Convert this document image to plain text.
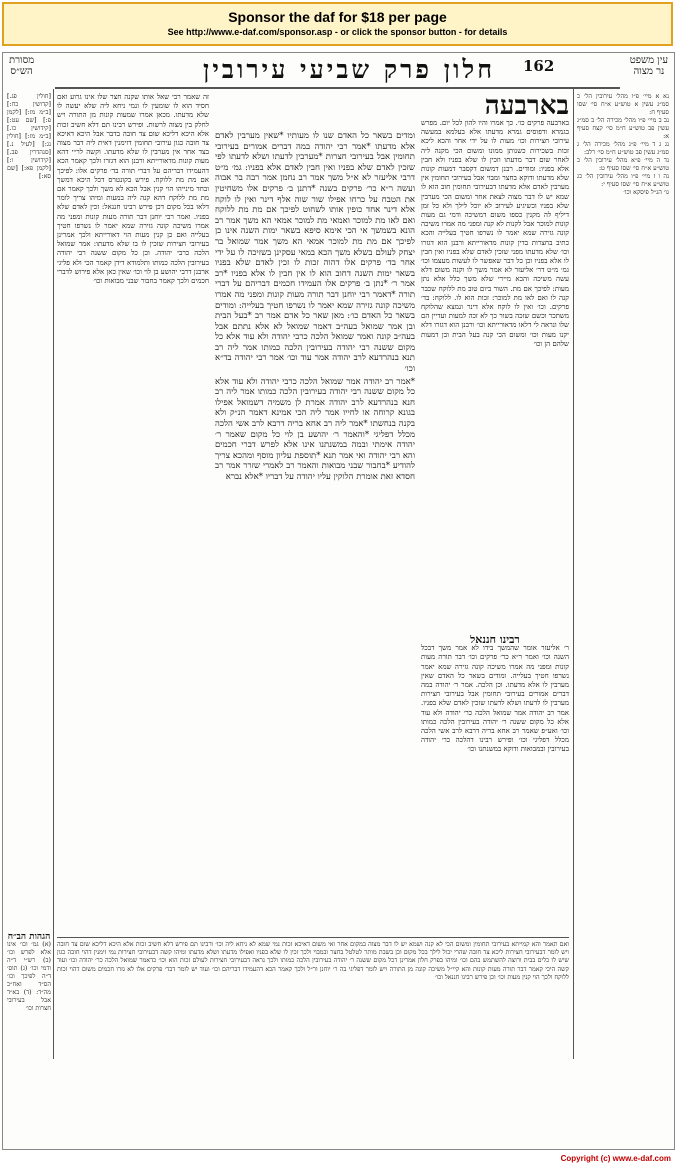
Sponsor the daf for $18 per page
See http://www.e-daf.com/sponsor.asp - or click the sponsor button - for details
מסורת
הש״ס	חלון פרק שביעי עירובין 162	עין משפט
נר מצוה

[חולין פג.] [קדושין כח:] [ב״מ מז:] [לקמן פ:] [שם עט:] [קידושין כו.] [ב״מ מז:] [חולין נג:] [לעיל נ.] [סנהדרין פב.] [קידושין ו:] [לקמן פא:] [שם סא:]

הגהות הב״ח

(א) גמ׳ וכו׳ אינו אלא לפרש וכו׳ (ב) רש״י ד״ה ודמי וכו׳ (ג) תוס׳ ד״ה לפיכך וכו׳ הס״ד ואח״כ מה״ד: (ד) בא״ד אבל בעירובי חצרות וכו׳

זה שאמר רבי שאל אותו שקנה חצר שלו אינו גרוע ואם חסיד הוא לו שומעין לו ונמי ניחא ליה שלא יעשה לו שלא מדעתו. מכאן אמרו שמעות קונות מן התורה ויש לחלק בין מצוה לרשות. ופירש רבינו תם דלא חשיב זכות אלא היכא דליכא שום צד חובה בדבר אבל היכא דאיכא צד חובה כגון עירובי תחומין דזימנין דאית ליה דבר מצוה בצד אחר אין מערבין לו שלא מדעתו. וקשה לר״י דהא מעות קונות מדאורייתא ורבנן הוא דגזרו ולכך קאמר הכא דהעמידו דבריהם על דברי תורה בד׳ פרקים אלו: לפיכך אם מת מת ללוקח. פירש בקונטרס דכל היכא דמשך ובחד מינייהו הוי קנין אבל הכא לא משך ולכך קאמר אם מת מת ללוקח דהא קנה ליה במעות ומיהו צריך לומר דלאו בכל מקום דכן פירש רבינו חננאל: זכין לאדם שלא בפניו. ואמר רבי יוחנן דבר תורה מעות קונות ומפני מה אמרו משיכה קונה גזירה שמא יאמר לו נשרפו חטיך בעלייה ואם כן קנין מעות הוי דאורייתא ולכך אמרינן בעירובי חצירות שזכין לו בו שלא מדעתו: אמר שמואל הלכה כרבי יהודה. וכן כל מקום ששנה רבי יהודה בעירובין הלכה כמותו ותלמודא דידן קאמר הכי ולא פליגי ארבנן דרבי יהושע בן לוי וכו׳ שאין כאן אלא פירוש לדברי חכמים ולכך קאמר בחבור שבני מבואות וכו׳

ומדים בשאר כל האדם שנו לו מעותיו *שאין מערבין לאדם אלא מדעתו *אמר רבי יהודה במה דברים אמורים בעירובי תחומין אבל בעירובי חצרות *מערבין לדעתו ושלא לדעתו לפי שזכין לאדם שלא בפניו ואין חבין לאדם אלא בפניו: גמ׳ מ״ט דרבי אליעזר לא א״ל משך אמר רב נחמן אמר רבה בר אבוה ועשה ר״א כר׳ פרקים בשנה *דתנן ב׳ פרקים אלו משחיטין את הטבח על כרחו אפילו שור שוה אלף דינר ואין לו לוקח אלא דינר אחד כופין אותו לשחוט לפיכך אם מת מת ללוקח ואם לאו מת למוכר ואמאי מת למוכר אמאי הא משך אמר רב הונא בשמשך אי הכי אימא סיפא בשאר ימות השנה אינו כן לפיכך אם מת מת למוכר אמאי הא משך אמר שמואל בר יצחק לעולם בשלא משך הכא במאי עסקינן בשזיכה לו על ידי אחר בד׳ פרקים אלו דהוה זכות לו זכין לאדם שלא בפניו בשאר ימות השנה דחוב הוא לו אין חבין לו אלא בפניו *רב אמר ר׳ *נתן ב׳ פרקים אלו העמידו חכמים דבריהם על דברי תורה *דאמר רבי יוחנן דבר תורה מעות קונות ומפני מה אמרו משיכה קונה גזירה שמא יאמר לו נשרפו חטיך בעלייה: ומודים בשאר כל האדם כו׳: מאן שאר כל אדם אמר רב *בעל הבית ובן אמר שמואל בעה״ב דאמר שמואל לא אלא נתתם אבל בעה״ב קונה ואמר שמואל הלכה כרבי יהודה ולא עוד אלא כל מקום ששנה רבי יהודה בעירובין הלכה כמותו אמר ליה רב תנא בנהרדעא לרב יהודה אמר עוד וכו׳ אמר רבי יהודה בד״א וכו׳

*אמר רב יהודה אמר שמואל הלכה כרבי יהודה ולא עוד אלא כל מקום ששנה רבי יהודה בעירובין הלכה כמותו אמר ליה רב חנא בנהרדעא לרב יהודה אמרת לן משמיה דשמואל אפילו בגונא קרוחה או לחייו אמר ליה הכי אמינא דאמר הנ״ק ולא בקנה בנחשתו *אמר ליה רב אחא בריה דרבא לרב אשי הלכה מכלל דפליגי *והאמר ר׳ יהושע בן לוי כל מקום שאמר ר׳ יהודה אימתי ובמה במשנתנו אינו אלא לפרש דברי חכמים והא רבי יהודה ואי אמר תנא *תוספת עליון מוסף ומהכא צריך להודיע *בחבור שבני מבואות והאמר רב לאמרי שזרר אמר רב חסדא זאת אומרת הלוקין עליו יהודה על דבריו *אלא נברא

בארבעה

בארבעה פרקים כו׳. כך אמרו והיו להון לכל יום. מפרש בגמרא ודפוסים גמרא מדעתו אלא בעלמא במעשה עירובי חצירות וכו׳ מעות לו על ידי אחר והכא ליכא זכות בשכירות כשנותן ממונו ומשום הכי מקנה ליה לאחר שום דבר מדעתו וזכין לו שלא בפניו ולא חבין אלא בפניו: ומודים. רבנן דמשום דקסבר דמעות קונות שלא מדעתו ודוקא בחצר ומבוי אבל בעירובי תחומין אין מערבין לאדם אלא מדעתו דבעירובי תחומין חוב הוא לו שמא יש לו דבר מצוה לצאת אחר ומשום הכי מערבין שלא בפניו וכשיגיע לעירוב לא יוכל לילך ולא כל זמן דיליף לה מקנין כספו משום דמשיכה ודמי גם מעות קונות למוכר אבל לקנות לא קנה ומפני מה אמרו משיכה קונה גזירה שמא יאמר לו נשרפו חטיך בעלייה והכא כתיב בחצרות בדין קונות מדאורייתא ורבנן הוא דגזרו וכו׳ שלא מדעתו מפני שזכין לאדם שלא בפניו ואין חבין לו אלא בפניו וכן כל דבר שאפשר לו לעשות מעצמו וכו׳ גמ׳ מ״ט דר׳ אליעזר לא אמר משך לו וקנה משום דלא עשה משיכה והכא מיירי שלא משך כלל אלא נתן מעות: לפיכך אם מת. השור ביום טוב מת ללוקח שכבר קנה לו ואם לאו מת למוכר: זכות הוא לו. ללוקח: בד׳ פרקים. וכו׳ ואין לו לוקח אלא דינר ונמצא שהלוקח משתכר וכשם שזכה בשור כך לא זכה למעות ועדיין הם שלו ונראה לי דלאו מדאורייתא וכו׳ ורבנן הוא דגזרו דלא יקנו מעות וכו׳ ומשום הכי קנה בעל הבית ובן דמעות שלהם הן וכו׳

רבינו חננאל

ר׳ אליעזר אומר שהמשך בידו לא אמר משך דבכל השנה וכו׳ ואמר ר״א כר׳ פרקים וכו׳ דבר תורה מעות קונות ומפני מה אמרו משיכה קונה גזירה שמא יאמר נשרפו חטיך בעלייה. ומודים בשאר כל האדם שאין מערבין לו אלא מדעתו. וכן הלכה. אמר ר׳ יהודה במה דברים אמורים בעירובי תחומין אבל בעירובי חצירות מערבין לו לדעתו ושלא לדעתו שזכין לאדם שלא בפניו. אמר רב יהודה אמר שמואל הלכה כר׳ יהודה ולא עוד אלא כל מקום ששנה ר׳ יהודה בעירובין הלכה כמותו וכו׳ ואע״פ שאמר רב אחא בריה דרבא לרב אשי הלכה מכלל דפליגי וכו׳ ופירש רבינו דהלכה כר׳ יהודה בעירובין ובמבואות ודוקא במשנתנו וכו׳

נא א מיי׳ פ״ו מהל׳ עירובין הל׳ כ סמ״ג עשין א טוש״ע א״ח סי׳ שסו סעיף ח:
נב ב מיי׳ פ״ו מהל׳ מכירה הל׳ ב סמ״ג עשין פב טוש״ע ח״מ סי׳ קצח סעיף א:
נג ג ד מיי׳ פ״ג מהל׳ מכירה הל׳ ג סמ״ג עשין פב טוש״ע ח״מ סי׳ רלב:
נד ה מיי׳ פ״א מהל׳ עירובין הל׳ כ טוש״ע א״ח סי׳ שסו סעיף ט:
נה ו ז מיי׳ פ״ו מהל׳ עירובין הל׳ כג טוש״ע א״ח סי׳ שסו סעיף י:
גו׳ הנ״ל פיסקא וכו׳

ואם תאמר והא קמייתא בעירובי תחומין ומשום הכי לא קנה ושמא יש לו דבר מצוה במקום אחר ואי משום דאיכא זכות נמי שמא לא ניחא ליה וכו׳ ורבינו תם פירש דלא חשיב זכות אלא היכא דליכא שום צד חובה ויש לומר דבעירובי חצירות ליכא צד חובה שהרי יכול לילך בכל מקום וכן בשבת מותר לטלטל בחצר ובמבוי ולכך זכין לו שלא בפניו ואפילו מדעתו ושלא מדעתו ומיהו קשה דבעירובי חצירות נמי זימנין דהוי חובה כגון שיש לו כלים בבית ורוצה להשתמש בהם וכו׳ ומיהו בפרק חלון אמרינן דכל מקום ששנה ר׳ יהודה בעירובין הלכה כמותו ולכך נראה דבעירובי חצירות לעולם זכות הוא וכו׳ כדאמר שמואל הלכה כר׳ יהודה וכו׳ ועוד קשה היכי קאמר דבר תורה מעות קונות והא קיי״ל משיכה קונה מן התורה ויש לומר דפליגי בה ר׳ יוחנן ור״ל ולכך קאמר הכא דהעמידו דבריהם וכו׳ ועוד יש לומר דבד׳ פרקים אלו לא גזרו חכמים משום דהוי זכות ללוקח ולכך הוי קנין מעות וכו׳ וכן פירש רבינו חננאל וכו׳

Copyright (c) www.e-daf.com
